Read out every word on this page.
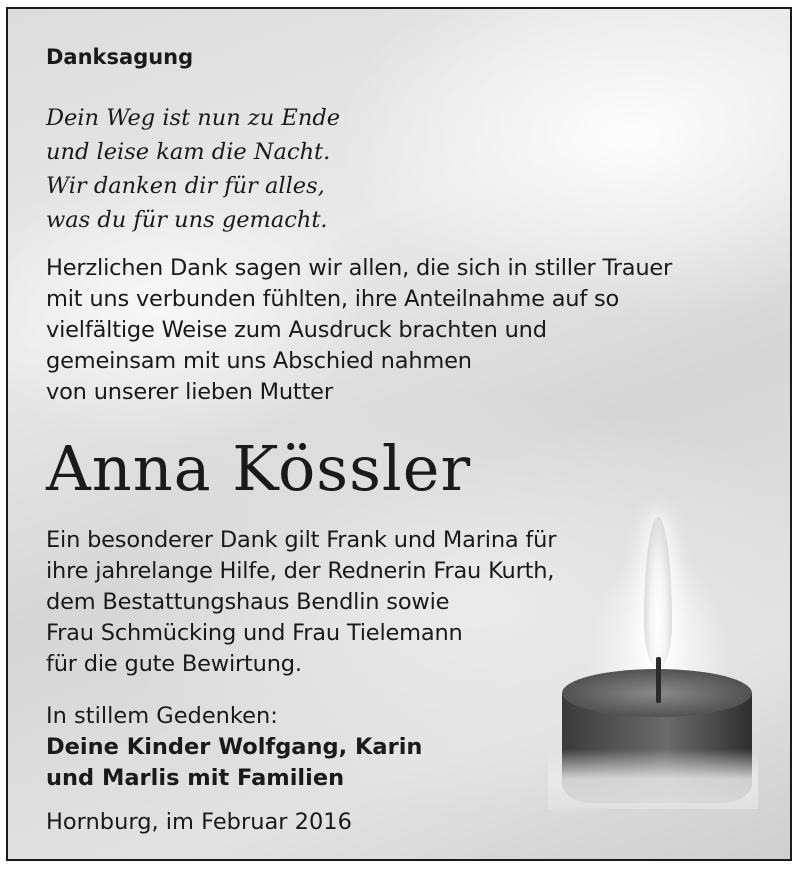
Danksagung
Dein Weg ist nun zu Ende
und leise kam die Nacht.
Wir danken dir für alles,
was du für uns gemacht.
Herzlichen Dank sagen wir allen, die sich in stiller Trauer
mit uns verbunden fühlten, ihre Anteilnahme auf so
vielfältige Weise zum Ausdruck brachten und
gemeinsam mit uns Abschied nahmen
von unserer lieben Mutter
Anna Kössler
Ein besonderer Dank gilt Frank und Marina für
ihre jahrelange Hilfe, der Rednerin Frau Kurth,
dem Bestattungshaus Bendlin sowie
Frau Schmücking und Frau Tielemann
für die gute Bewirtung.
In stillem Gedenken:
Deine Kinder Wolfgang, Karin
und Marlis mit Familien
Hornburg, im Februar 2016
